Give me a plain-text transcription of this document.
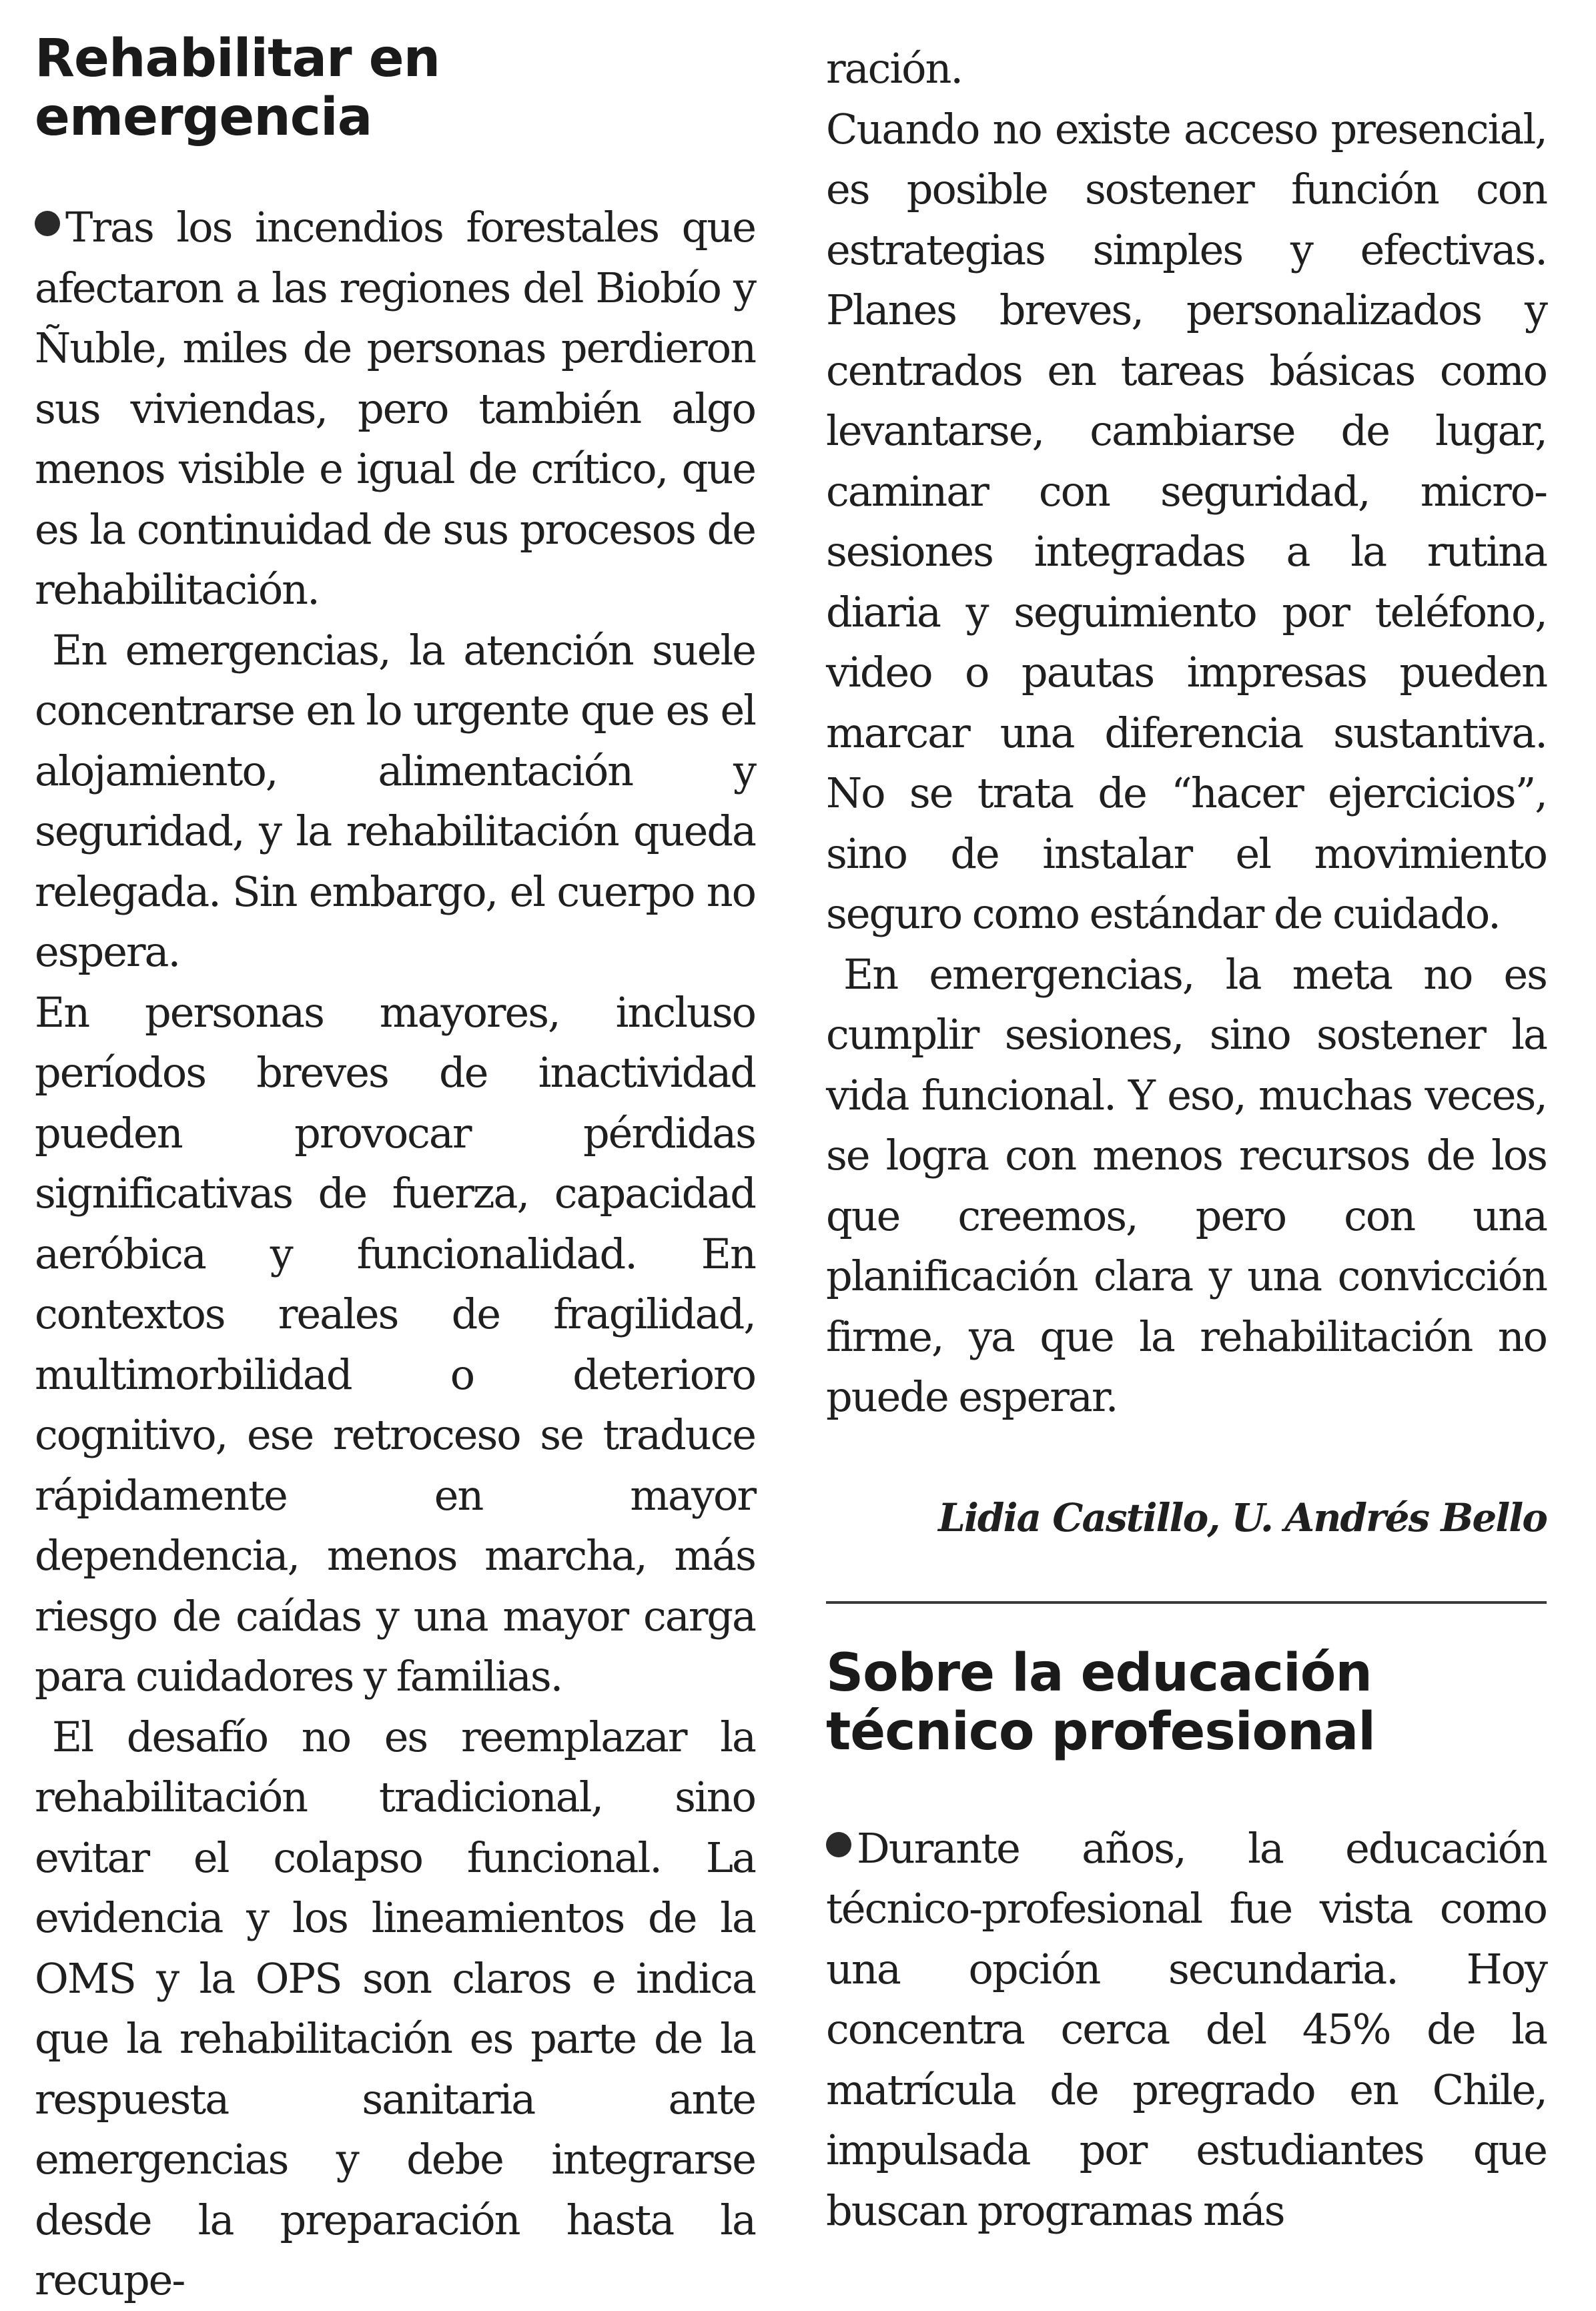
Rehabilitar en emergencia

Tras los incendios forestales que afectaron a las regiones del Biobío y Ñuble, miles de personas perdieron sus viviendas, pero también algo menos visible e igual de crítico, que es la continuidad de sus procesos de rehabilitación.

En emergencias, la atención suele concentrarse en lo urgente que es el alojamiento, alimentación y seguridad, y la rehabilitación queda relegada. Sin embargo, el cuerpo no espera.

En personas mayores, incluso períodos breves de inactividad pueden provocar pérdidas significativas de fuerza, capacidad aeróbica y funcionalidad. En contextos reales de fragilidad, multimorbilidad o deterioro cognitivo, ese retroceso se traduce rápidamente en mayor dependencia, menos marcha, más riesgo de caídas y una mayor carga para cuidadores y familias.

El desafío no es reemplazar la rehabilitación tradicional, sino evitar el colapso funcional. La evidencia y los lineamientos de la OMS y la OPS son claros e indica que la rehabilitación es parte de la respuesta sanitaria ante emergencias y debe integrarse desde la preparación hasta la recupe-

ración.

Cuando no existe acceso presencial, es posible sostener función con estrategias simples y efectivas. Planes breves, personalizados y centrados en tareas básicas como levantarse, cambiarse de lugar, caminar con seguridad, micro-sesiones integradas a la rutina diaria y seguimiento por teléfono, video o pautas impresas pueden marcar una diferencia sustantiva. No se trata de “hacer ejercicios”, sino de instalar el movimiento seguro como estándar de cuidado.

En emergencias, la meta no es cumplir sesiones, sino sostener la vida funcional. Y eso, muchas veces, se logra con menos recursos de los que creemos, pero con una planificación clara y una convicción firme, ya que la rehabilitación no puede esperar.

Lidia Castillo, U. Andrés Bello

Sobre la educación técnico profesional

Durante años, la educación técnico-profesional fue vista como una opción secundaria. Hoy concentra cerca del 45% de la matrícula de pregrado en Chile, impulsada por estudiantes que buscan programas más
